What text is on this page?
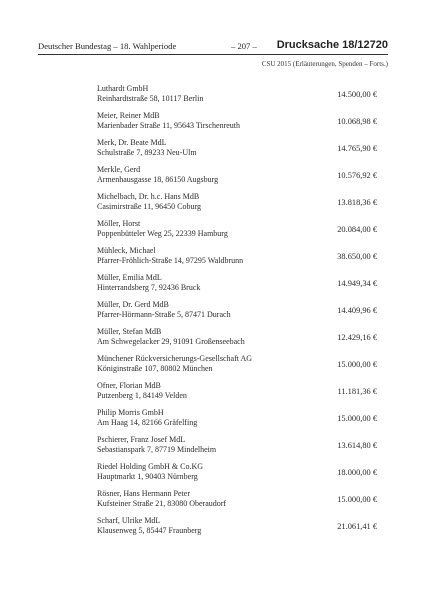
Deutscher Bundestag – 18. Wahlperiode	– 207 – Drucksache 18/12720
CSU 2015 (Erläuterungen, Spenden – Forts.)
Luthardt GmbH
Reinhardtstraße 58, 10117 Berlin	14.500,00 €
Meier, Reiner MdB
Marienbader Straße 11, 95643 Tirschenreuth	10.068,98 €
Merk, Dr. Beate MdL
Schulstraße 7, 89233 Neu-Ulm	14.765,90 €
Merkle, Gerd
Armenhausgasse 18, 86150 Augsburg	10.576,92 €
Michelbach, Dr. h.c. Hans MdB
Casimirstraße 11, 96450 Coburg	13.818,36 €
Möller, Horst
Poppenbütteler Weg 25, 22339 Hamburg	20.084,00 €
Mühleck, Michael
Pfarrer-Fröhlich-Straße 14, 97295 Waldbrunn	38.650,00 €
Müller, Emilia MdL
Hinterrandsberg 7, 92436 Bruck	14.949,34 €
Müller, Dr. Gerd MdB
Pfarrer-Hörmann-Straße 5, 87471 Durach	14.409,96 €
Müller, Stefan MdB
Am Schwegelacker 29, 91091 Großenseebach	12.429,16 €
Münchener Rückversicherungs-Gesellschaft AG
Königinstraße 107, 80802 München	15.000,00 €
Ofner, Florian MdB
Putzenberg 1, 84149 Velden	11.181,36 €
Philip Morris GmbH
Am Haag 14, 82166 Gräfelfing	15.000,00 €
Pschierer, Franz Josef MdL
Sebastianspark 7, 87719 Mindelheim	13.614,80 €
Riedel Holding GmbH & Co.KG
Hauptmarkt 1, 90403 Nürnberg	18.000,00 €
Rösner, Hans Hermann Peter
Kufsteiner Straße 21, 83080 Oberaudorf	15.000,00 €
Scharf, Ulrike MdL
Klausenweg 5, 85447 Fraunberg	21.061,41 €
